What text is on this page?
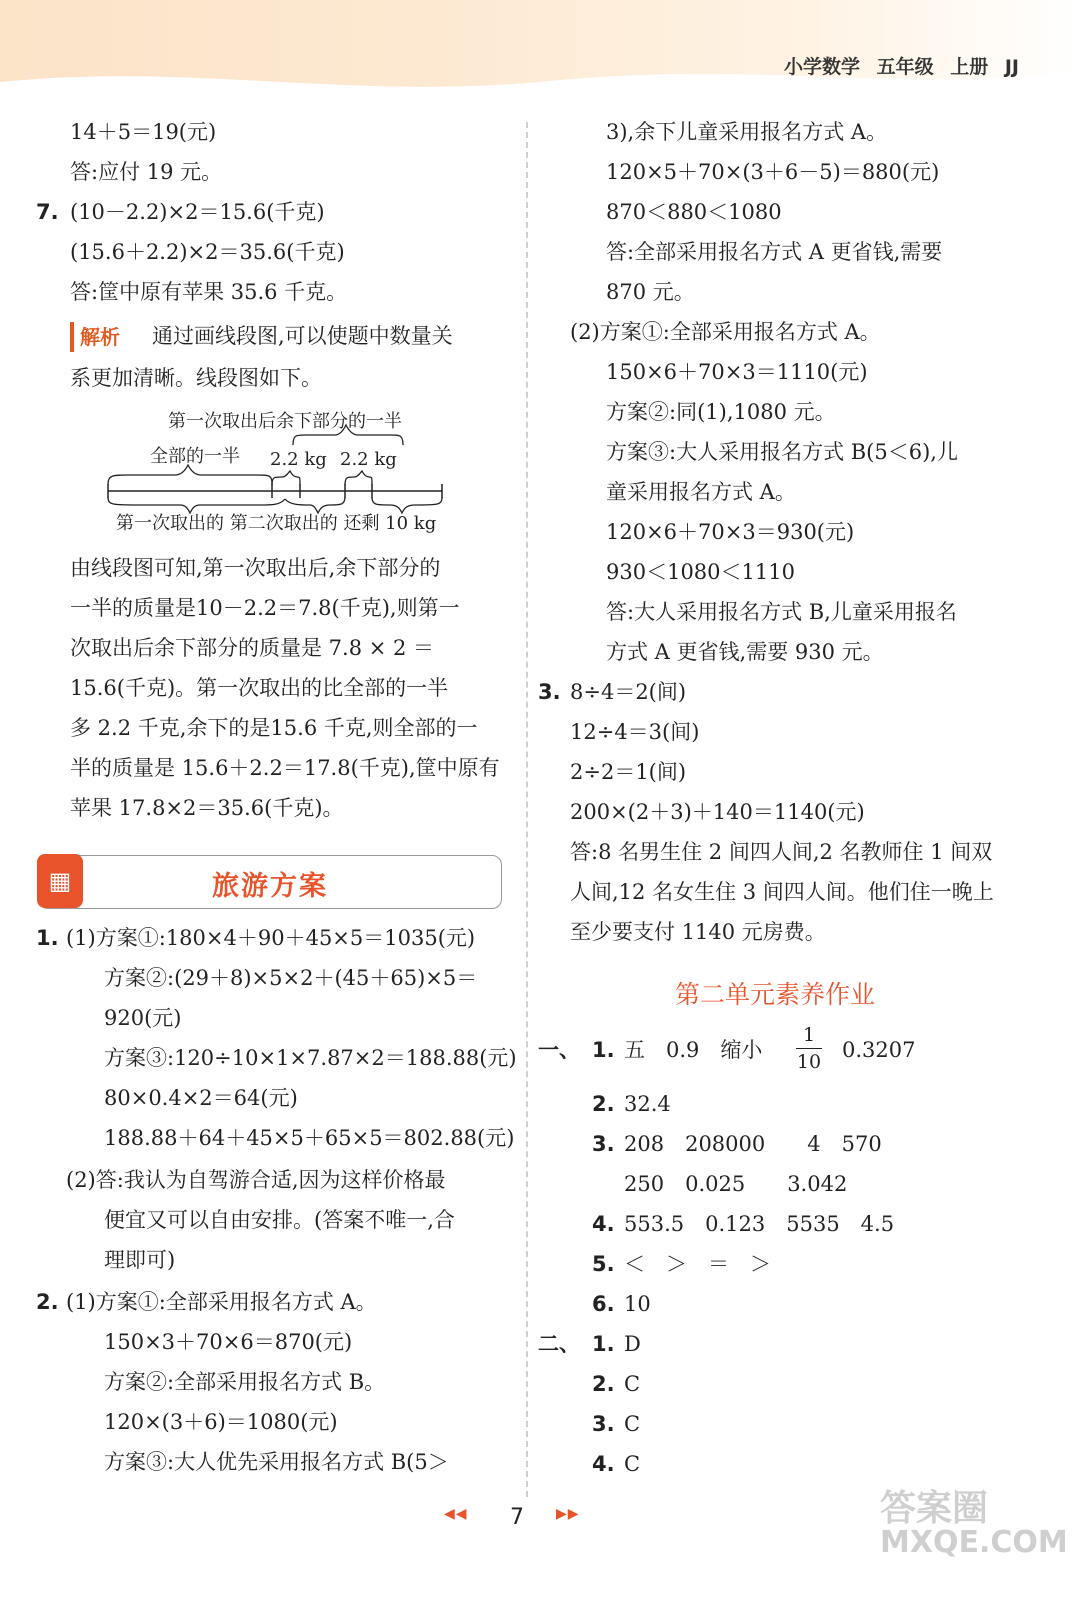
小学数学 五年级 上册 JJ
14＋5＝19(元)
答:应付 19 元。
7. (10－2.2)×2＝15.6(千克)
(15.6＋2.2)×2＝35.6(千克)
答:筐中原有苹果 35.6 千克。
解析 通过画线段图,可以使题中数量关
系更加清晰。线段图如下。
第一次取出后余下部分的一半
全部的一半 2.2 kg 2.2 kg
第一次取出的 第二次取出的 还剩 10 kg
由线段图可知,第一次取出后,余下部分的
一半的质量是10－2.2＝7.8(千克),则第一
次取出后余下部分的质量是 7.8 × 2 ＝
15.6(千克)。第一次取出的比全部的一半
多 2.2 千克,余下的是15.6 千克,则全部的一
半的质量是 15.6＋2.2＝17.8(千克),筐中原有
苹果 17.8×2＝35.6(千克)。
▦	旅游方案
1. (1)方案①:180×4＋90＋45×5＝1035(元)
方案②:(29＋8)×5×2＋(45＋65)×5＝
920(元)
方案③:120÷10×1×7.87×2＝188.88(元)
80×0.4×2＝64(元)
188.88＋64＋45×5＋65×5＝802.88(元)
(2)答:我认为自驾游合适,因为这样价格最
便宜又可以自由安排。(答案不唯一,合
理即可)
2. (1)方案①:全部采用报名方式 A。
150×3＋70×6＝870(元)
方案②:全部采用报名方式 B。
120×(3＋6)＝1080(元)
方案③:大人优先采用报名方式 B(5＞
3),余下儿童采用报名方式 A。
120×5＋70×(3＋6－5)＝880(元)
870＜880＜1080
答:全部采用报名方式 A 更省钱,需要
870 元。
(2)方案①:全部采用报名方式 A。
150×6＋70×3＝1110(元)
方案②:同(1),1080 元。
方案③:大人采用报名方式 B(5＜6),儿
童采用报名方式 A。
120×6＋70×3＝930(元)
930＜1080＜1110
答:大人采用报名方式 B,儿童采用报名
方式 A 更省钱,需要 930 元。
3. 8÷4＝2(间)
12÷4＝3(间)
2÷2＝1(间)
200×(2＋3)＋140＝1140(元)
答:8 名男生住 2 间四人间,2 名教师住 1 间双
人间,12 名女生住 3 间四人间。他们住一晚上
至少要支付 1140 元房费。
第二单元素养作业
一、 1. 五　0.9　缩小
1
10 0.3207
2. 32.4
3. 208　208000　　4　570
250　0.025　　3.042
4. 553.5　0.123　5535　4.5
5. ＜　＞　＝　＞
6. 10
二、 1. D
2. C
3. C
4. C
◀◀ 7 ▶▶	答案圈
MXQE.COM
